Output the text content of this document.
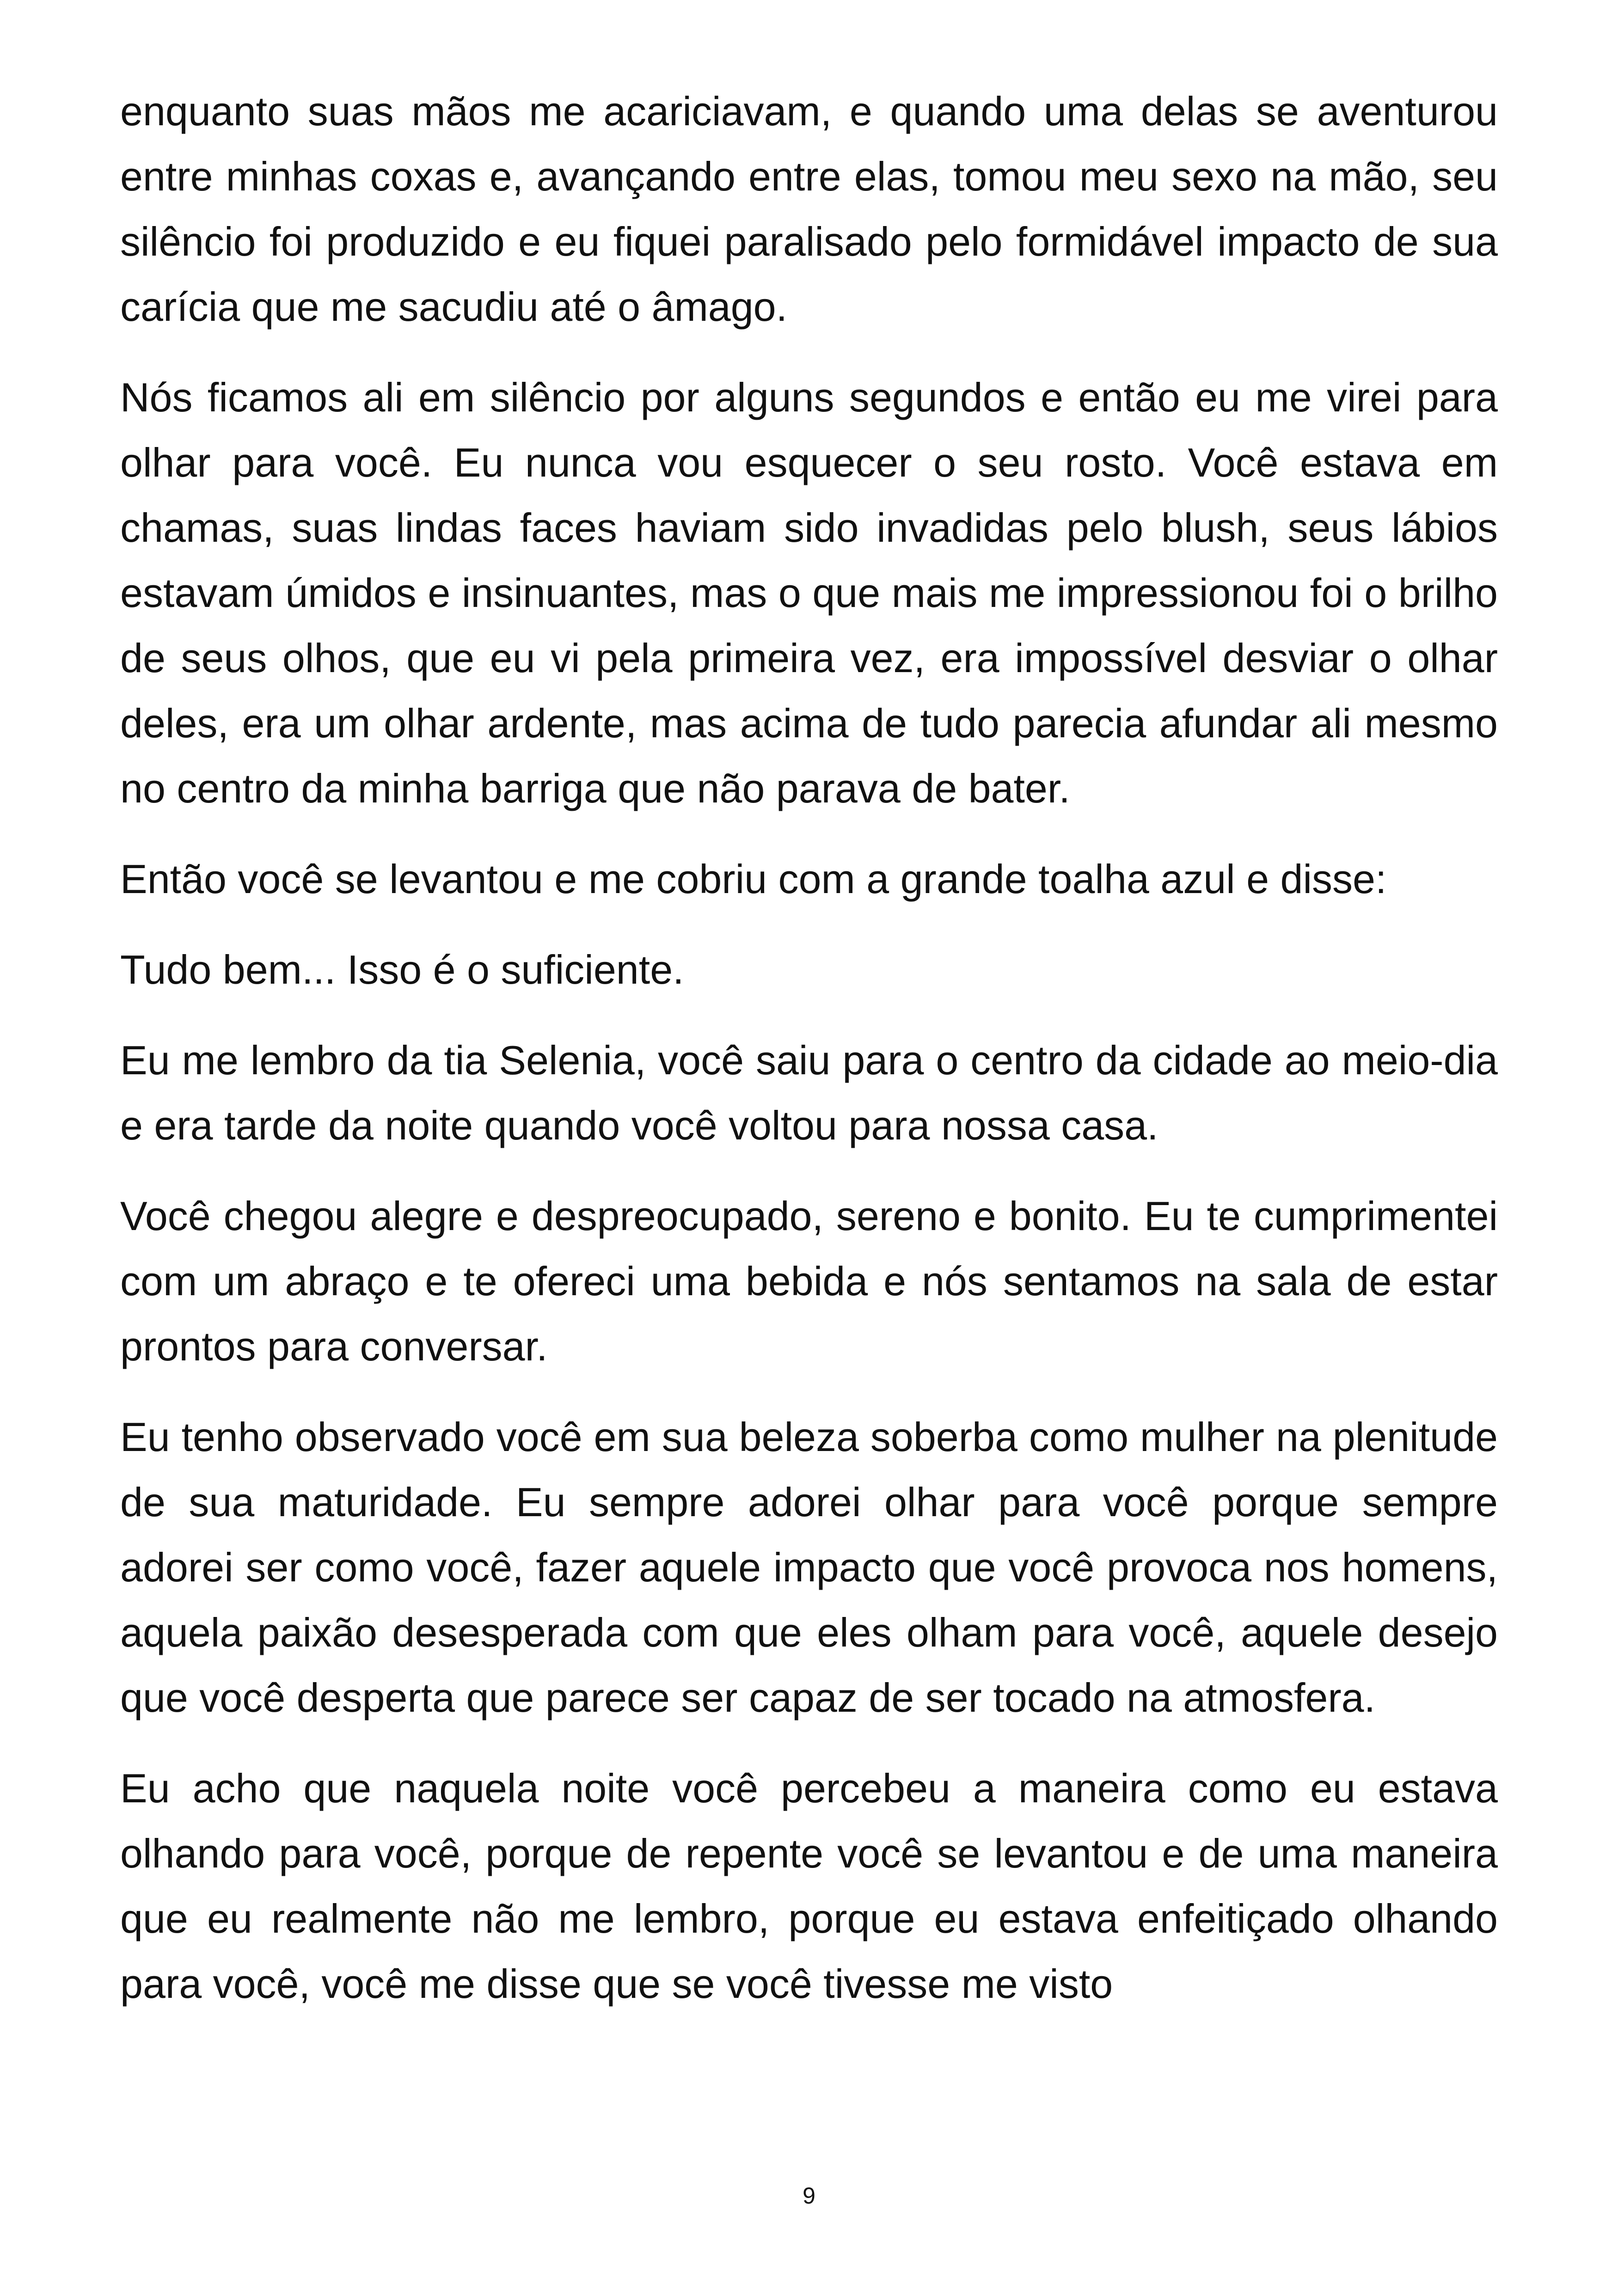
enquanto suas mãos me acariciavam, e quando uma delas se aventurou entre minhas coxas e, avançando entre elas, tomou meu sexo na mão, seu silêncio foi produzido e eu fiquei paralisado pelo formidável impacto de sua carícia que me sacudiu até o âmago.

Nós ficamos ali em silêncio por alguns segundos e então eu me virei para olhar para você. Eu nunca vou esquecer o seu rosto. Você estava em chamas, suas lindas faces haviam sido invadidas pelo blush, seus lábios estavam úmidos e insinuantes, mas o que mais me impressionou foi o brilho de seus olhos, que eu vi pela primeira vez, era impossível desviar o olhar deles, era um olhar ardente, mas acima de tudo parecia afundar ali mesmo no centro da minha barriga que não parava de bater.

Então você se levantou e me cobriu com a grande toalha azul e disse:

Tudo bem... Isso é o suficiente.

Eu me lembro da tia Selenia, você saiu para o centro da cidade ao meio-dia e era tarde da noite quando você voltou para nossa casa.

Você chegou alegre e despreocupado, sereno e bonito. Eu te cumprimentei com um abraço e te ofereci uma bebida e nós sentamos na sala de estar prontos para conversar.

Eu tenho observado você em sua beleza soberba como mulher na plenitude de sua maturidade. Eu sempre adorei olhar para você porque sempre adorei ser como você, fazer aquele impacto que você provoca nos homens, aquela paixão desesperada com que eles olham para você, aquele desejo que você desperta que parece ser capaz de ser tocado na atmosfera.

Eu acho que naquela noite você percebeu a maneira como eu estava olhando para você, porque de repente você se levantou e de uma maneira que eu realmente não me lembro, porque eu estava enfeitiçado olhando para você, você me disse que se você tivesse me visto

9
